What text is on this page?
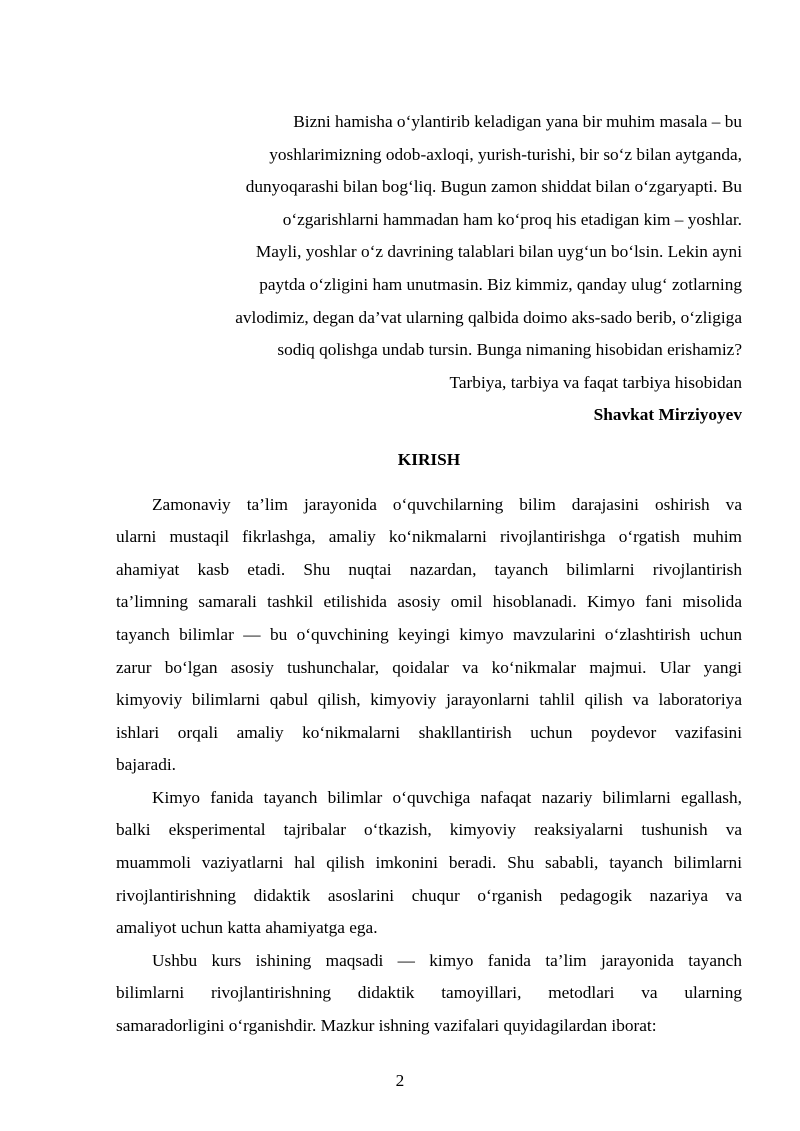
Bizni hamisha o‘ylantirib keladigan yana bir muhim masala – bu
yoshlarimizning odob-axloqi, yurish-turishi, bir so‘z bilan aytganda,
dunyoqarashi bilan bog‘liq. Bugun zamon shiddat bilan o‘zgaryapti. Bu
o‘zgarishlarni hammadan ham ko‘proq his etadigan kim – yoshlar.
Mayli, yoshlar o‘z davrining talablari bilan uyg‘un bo‘lsin. Lekin ayni
paytda o‘zligini ham unutmasin. Biz kimmiz, qanday ulug‘ zotlarning
avlodimiz, degan da’vat ularning qalbida doimo aks-sado berib, o‘zligiga
sodiq qolishga undab tursin. Bunga nimaning hisobidan erishamiz?
Tarbiya, tarbiya va faqat tarbiya hisobidan
Shavkat Mirziyoyev
KIRISH

Zamonaviy ta’lim jarayonida o‘quvchilarning bilim darajasini oshirish va
ularni mustaqil fikrlashga, amaliy ko‘nikmalarni rivojlantirishga o‘rgatish muhim
ahamiyat kasb etadi. Shu nuqtai nazardan, tayanch bilimlarni rivojlantirish
ta’limning samarali tashkil etilishida asosiy omil hisoblanadi. Kimyo fani misolida
tayanch bilimlar — bu o‘quvchining keyingi kimyo mavzularini o‘zlashtirish uchun
zarur bo‘lgan asosiy tushunchalar, qoidalar va ko‘nikmalar majmui. Ular yangi
kimyoviy bilimlarni qabul qilish, kimyoviy jarayonlarni tahlil qilish va laboratoriya
ishlari orqali amaliy ko‘nikmalarni shakllantirish uchun poydevor vazifasini
bajaradi.

Kimyo fanida tayanch bilimlar o‘quvchiga nafaqat nazariy bilimlarni egallash,
balki eksperimental tajribalar o‘tkazish, kimyoviy reaksiyalarni tushunish va
muammoli vaziyatlarni hal qilish imkonini beradi. Shu sababli, tayanch bilimlarni
rivojlantirishning didaktik asoslarini chuqur o‘rganish pedagogik nazariya va
amaliyot uchun katta ahamiyatga ega.

Ushbu kurs ishining maqsadi — kimyo fanida ta’lim jarayonida tayanch
bilimlarni rivojlantirishning didaktik tamoyillari, metodlari va ularning
samaradorligini o‘rganishdir. Mazkur ishning vazifalari quyidagilardan iborat:

2
